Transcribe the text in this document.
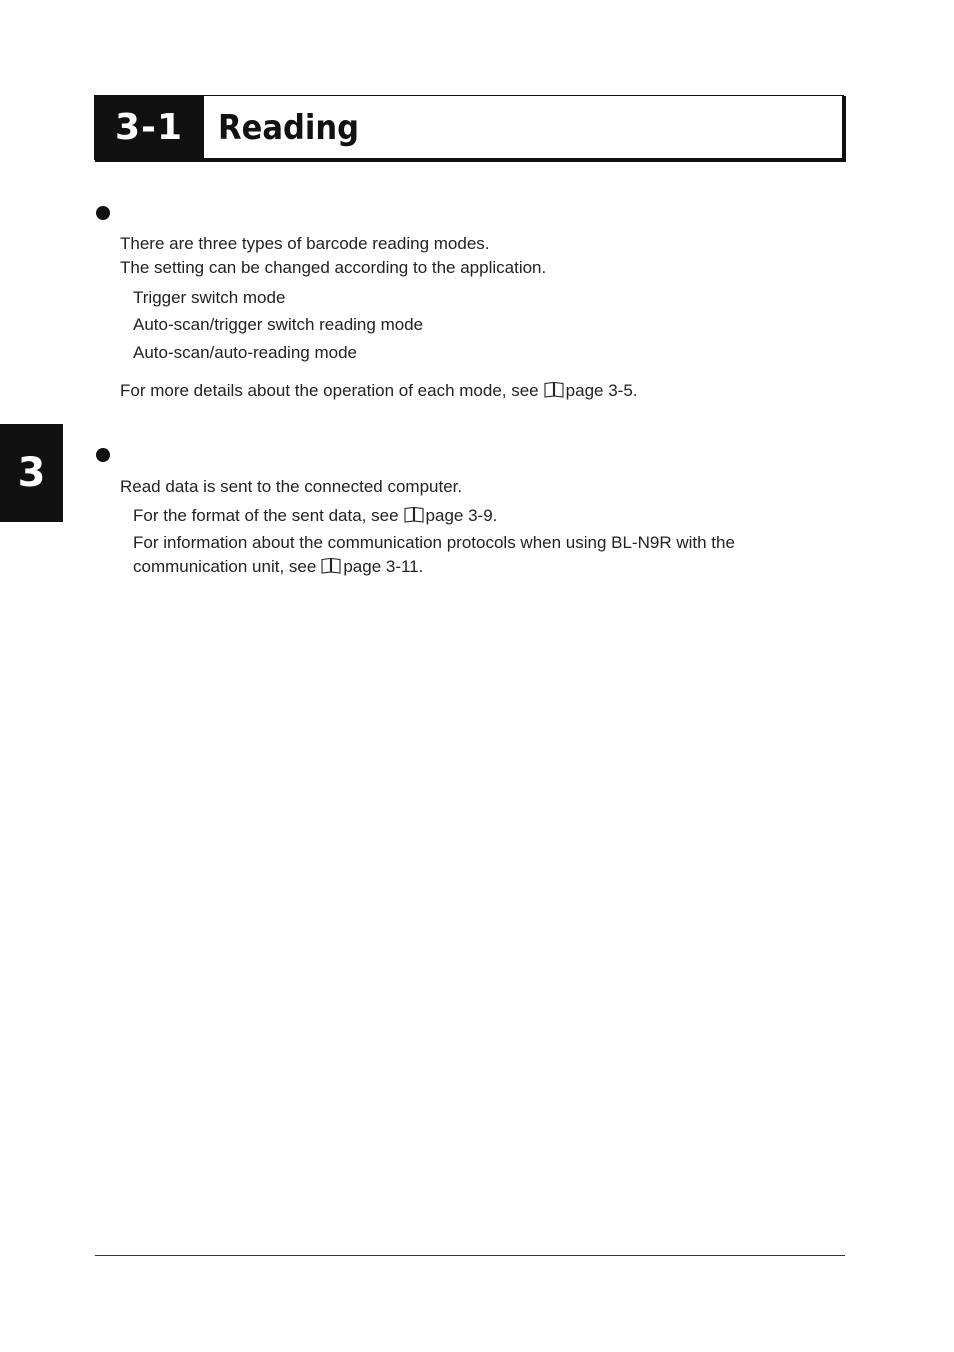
3-1	Reading
3
There are three types of barcode reading modes.
The setting can be changed according to the application.
Trigger switch mode
Auto-scan/trigger switch reading mode
Auto-scan/auto-reading mode
For more details about the operation of each mode, see page 3-5.
Read data is sent to the connected computer.
For the format of the sent data, see page 3-9.
For information about the communication protocols when using BL-N9R with the
communication unit, see page 3-11.
